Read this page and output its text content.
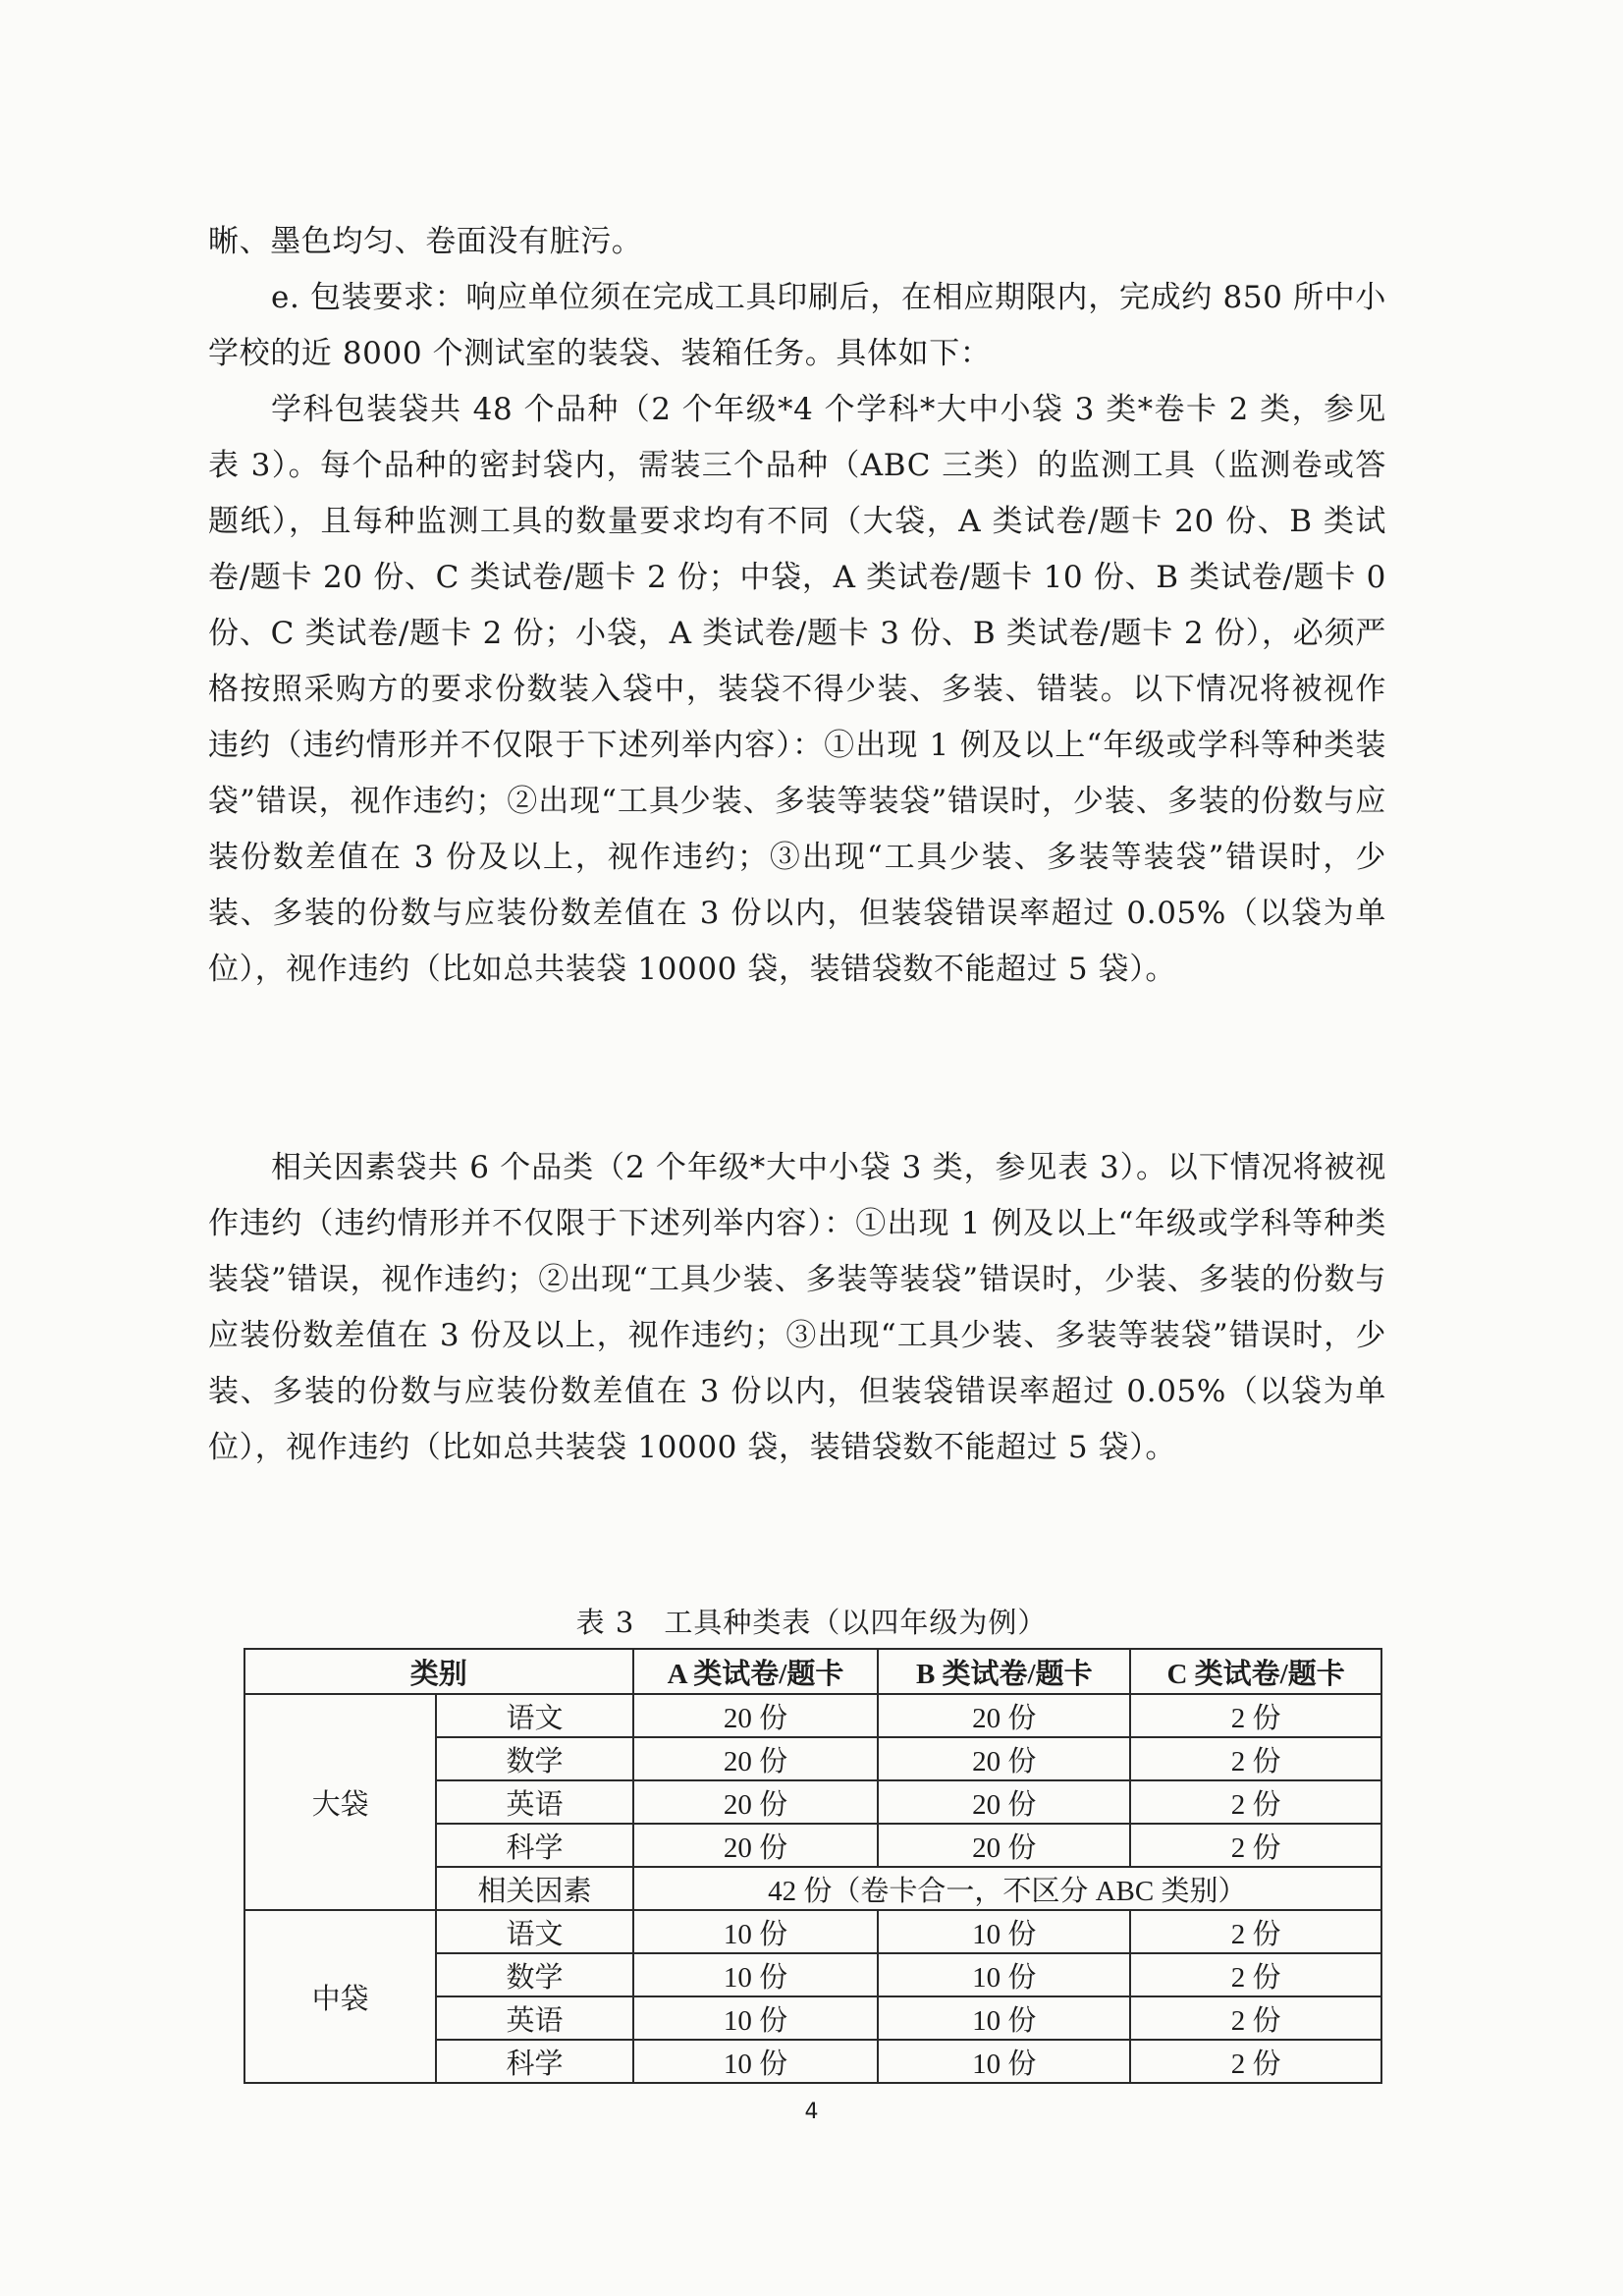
晰、墨色均匀、卷面没有脏污。

e. 包装要求：响应单位须在完成工具印刷后，在相应期限内，完成约 850 所中小学校的近 8000 个测试室的装袋、装箱任务。具体如下：

学科包装袋共 48 个品种（2 个年级*4 个学科*大中小袋 3 类*卷卡 2 类，参见表 3）。每个品种的密封袋内，需装三个品种（ABC 三类）的监测工具（监测卷或答题纸），且每种监测工具的数量要求均有不同（大袋，A 类试卷/题卡 20 份、B 类试卷/题卡 20 份、C 类试卷/题卡 2 份；中袋，A 类试卷/题卡 10 份、B 类试卷/题卡 0 份、C 类试卷/题卡 2 份；小袋，A 类试卷/题卡 3 份、B 类试卷/题卡 2 份），必须严格按照采购方的要求份数装入袋中，装袋不得少装、多装、错装。以下情况将被视作违约（违约情形并不仅限于下述列举内容）：①出现 1 例及以上“年级或学科等种类装袋”错误，视作违约；②出现“工具少装、多装等装袋”错误时，少装、多装的份数与应装份数差值在 3 份及以上，视作违约；③出现“工具少装、多装等装袋”错误时，少装、多装的份数与应装份数差值在 3 份以内，但装袋错误率超过 0.05%（以袋为单位），视作违约（比如总共装袋 10000 袋，装错袋数不能超过 5 袋）。

相关因素袋共 6 个品类（2 个年级*大中小袋 3 类，参见表 3）。以下情况将被视作违约（违约情形并不仅限于下述列举内容）：①出现 1 例及以上“年级或学科等种类装袋”错误，视作违约；②出现“工具少装、多装等装袋”错误时，少装、多装的份数与应装份数差值在 3 份及以上，视作违约；③出现“工具少装、多装等装袋”错误时，少装、多装的份数与应装份数差值在 3 份以内，但装袋错误率超过 0.05%（以袋为单位），视作违约（比如总共装袋 10000 袋，装错袋数不能超过 5 袋）。

表 3　工具种类表（以四年级为例）
类别		A 类试卷/题卡	B 类试卷/题卡	C 类试卷/题卡
大袋	语文	20 份	20 份	2 份
	数学	20 份	20 份	2 份
	英语	20 份	20 份	2 份
	科学	20 份	20 份	2 份
	相关因素	42 份（卷卡合一，不区分 ABC 类别）		
中袋	语文	10 份	10 份	2 份
	数学	10 份	10 份	2 份
	英语	10 份	10 份	2 份
	科学	10 份	10 份	2 份
4
